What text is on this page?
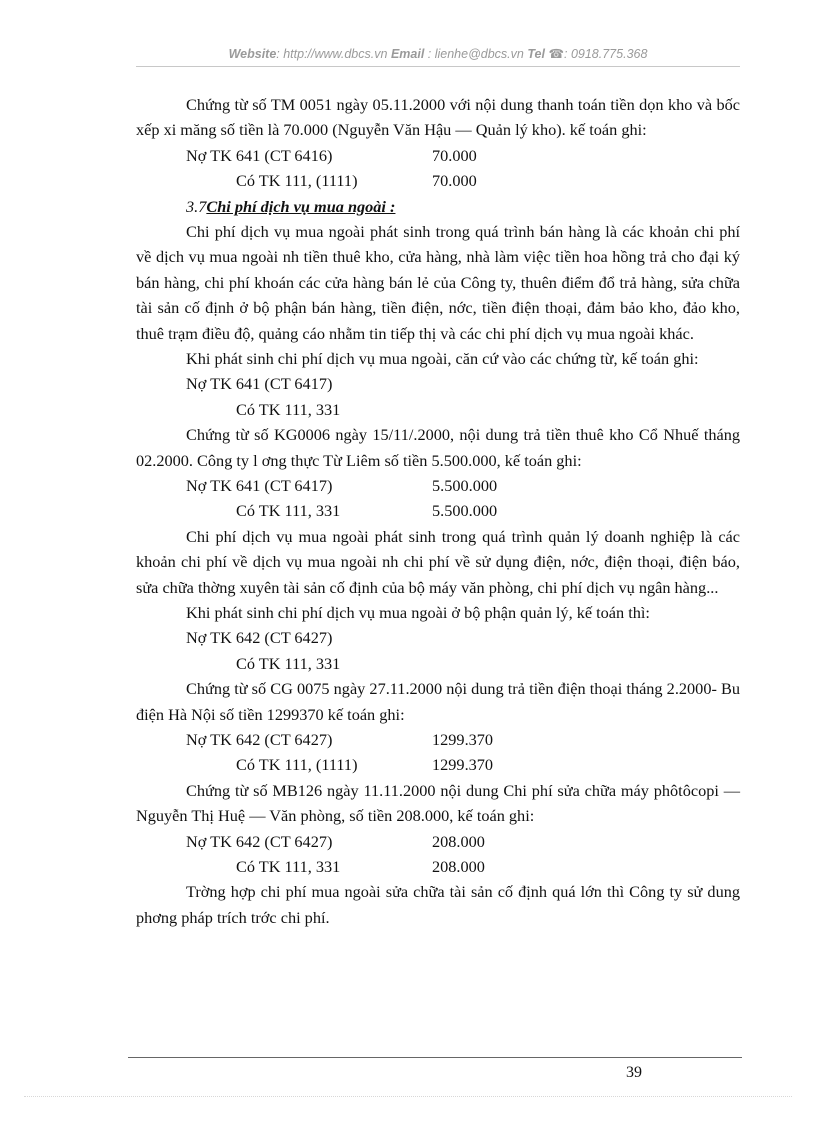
Website: http://www.dbcs.vn Email : lienhe@dbcs.vn Tel ☎: 0918.775.368

Chứng từ số TM 0051 ngày 05.11.2000 với nội dung thanh toán tiền dọn kho và bốc xếp xi măng số tiền là 70.000 (Nguyễn Văn Hậu — Quản lý kho). kế toán ghi:

Nợ TK 641 (CT 6416)	70.000
Có TK 111, (1111)	70.000

3.7Chi phí dịch vụ mua ngoài :

Chi phí dịch vụ mua ngoài phát sinh trong quá trình bán hàng là các khoản chi phí về dịch vụ mua ngoài nh tiền thuê kho, cửa hàng, nhà làm việc tiền hoa hồng trả cho đại ký bán hàng, chi phí khoán các cửa hàng bán lẻ của Công ty, thuên điểm đổ trả hàng, sửa chữa tài sản cố định ở bộ phận bán hàng, tiền điện, nớc, tiền điện thoại, đảm bảo kho, đảo kho, thuê trạm điều độ, quảng cáo nhằm tin tiếp thị và các chi phí dịch vụ mua ngoài khác.

Khi phát sinh chi phí dịch vụ mua ngoài, căn cứ vào các chứng từ, kế toán ghi:

Nợ TK 641 (CT 6417)
Có TK 111, 331

Chứng từ số KG0006 ngày 15/11/.2000, nội dung trả tiền thuê kho Cổ Nhuế tháng 02.2000. Công ty l ơng thực Từ Liêm số tiền 5.500.000, kế toán ghi:

Nợ TK 641 (CT 6417)	5.500.000
Có TK 111, 331	5.500.000

Chi phí dịch vụ mua ngoài phát sinh trong quá trình quản lý doanh nghiệp là các khoản chi phí về dịch vụ mua ngoài nh chi phí về sử dụng điện, nớc, điện thoại, điện báo, sửa chữa thờng xuyên tài sản cố định của bộ máy văn phòng, chi phí dịch vụ ngân hàng...

Khi phát sinh chi phí dịch vụ mua ngoài ở bộ phận quản lý, kế toán thì:

Nợ TK 642 (CT 6427)
Có TK 111, 331

Chứng từ số CG 0075 ngày 27.11.2000 nội dung trả tiền điện thoại tháng 2.2000- Bu điện Hà Nội số tiền 1299370 kế toán ghi:

Nợ TK 642 (CT 6427)	1299.370
Có TK 111, (1111)	1299.370

Chứng từ số MB126 ngày 11.11.2000 nội dung Chi phí sửa chữa máy phôtôcopi — Nguyễn Thị Huệ — Văn phòng, số tiền 208.000, kế toán ghi:

Nợ TK 642 (CT 6427)	208.000
Có TK 111, 331	208.000

Trờng hợp chi phí mua ngoài sửa chữa tài sản cố định quá lớn thì Công ty sử dung phơng pháp trích trớc chi phí.

39
